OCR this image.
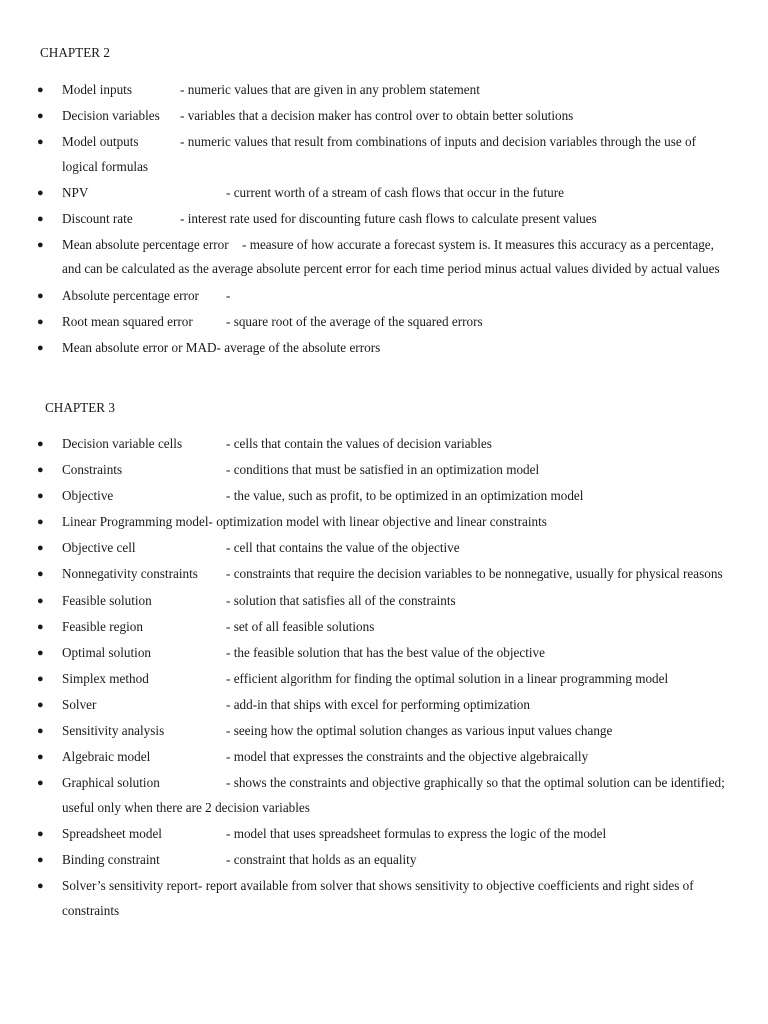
CHAPTER 2
● Model inputs	- numeric values that are given in any problem statement
● Decision variables - variables that a decision maker has control over to obtain better solutions
● Model outputs	- numeric values that result from combinations of inputs and decision variables through the use of logical formulas
● NPV	- current worth of a stream of cash flows that occur in the future
● Discount rate	- interest rate used for discounting future cash flows to calculate present values
● Mean absolute percentage error - measure of how accurate a forecast system is. It measures this accuracy as a percentage, and can be calculated as the average absolute percent error for each time period minus actual values divided by actual values
● Absolute percentage error -
● Root mean squared error	- square root of the average of the squared errors
● Mean absolute error or MAD- average of the absolute errors
CHAPTER 3
● Decision variable cells	- cells that contain the values of decision variables
● Constraints	- conditions that must be satisfied in an optimization model
● Objective	- the value, such as profit, to be optimized in an optimization model
● Linear Programming model- optimization model with linear objective and linear constraints
● Objective cell	- cell that contains the value of the objective
● Nonnegativity constraints - constraints that require the decision variables to be nonnegative, usually for physical reasons
● Feasible solution	- solution that satisfies all of the constraints
● Feasible region	- set of all feasible solutions
● Optimal solution	- the feasible solution that has the best value of the objective
● Simplex method	- efficient algorithm for finding the optimal solution in a linear programming model
● Solver	- add-in that ships with excel for performing optimization
● Sensitivity analysis	- seeing how the optimal solution changes as various input values change
● Algebraic model	- model that expresses the constraints and the objective algebraically
● Graphical solution	- shows the constraints and objective graphically so that the optimal solution can be identified; useful only when there are 2 decision variables
● Spreadsheet model	- model that uses spreadsheet formulas to express the logic of the model
● Binding constraint	- constraint that holds as an equality
● Solver’s sensitivity report- report available from solver that shows sensitivity to objective coefficients and right sides of constraints
